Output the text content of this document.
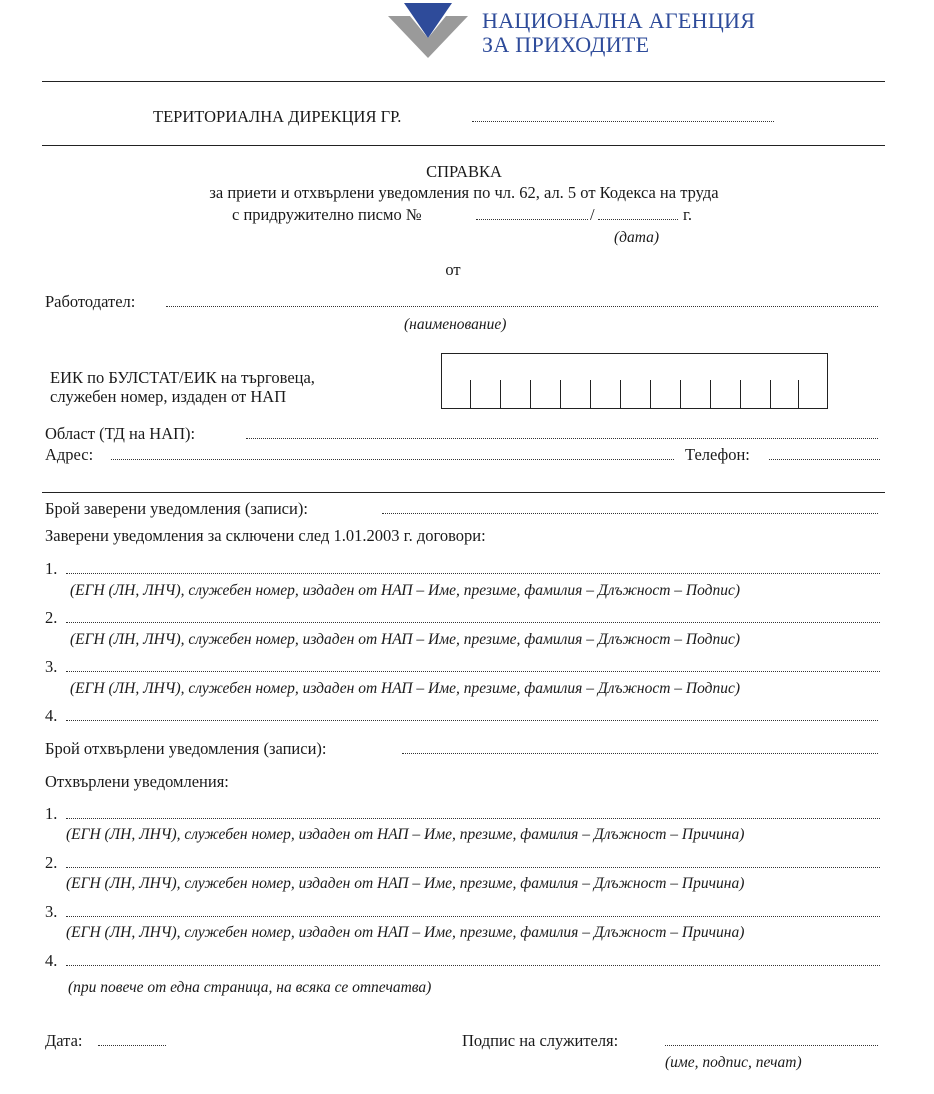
НАЦИОНАЛНА АГЕНЦИЯ
ЗА ПРИХОДИТЕ
ТЕРИТОРИАЛНА ДИРЕКЦИЯ ГР.
СПРАВКА
за приети и отхвърлени уведомления по чл. 62, ал. 5 от Кодекса на труда
с придружително писмо №	/	г.
(дата)
от
Работодател:
(наименование)
ЕИК по БУЛСТАТ/ЕИК на търговеца,
служебен номер, издаден от НАП
Област (ТД на НАП):
Адрес:	Телефон:
Брой заверени уведомления (записи):
Заверени уведомления за сключени след 1.01.2003 г. договори:
1.
(ЕГН (ЛН, ЛНЧ), служебен номер, издаден от НАП – Име, презиме, фамилия – Длъжност – Подпис)
2.
(ЕГН (ЛН, ЛНЧ), служебен номер, издаден от НАП – Име, презиме, фамилия – Длъжност – Подпис)
3.
(ЕГН (ЛН, ЛНЧ), служебен номер, издаден от НАП – Име, презиме, фамилия – Длъжност – Подпис)
4.
Брой отхвърлени уведомления (записи):
Отхвърлени уведомления:
1.
(ЕГН (ЛН, ЛНЧ), служебен номер, издаден от НАП – Име, презиме, фамилия – Длъжност – Причина)
2.
(ЕГН (ЛН, ЛНЧ), служебен номер, издаден от НАП – Име, презиме, фамилия – Длъжност – Причина)
3.
(ЕГН (ЛН, ЛНЧ), служебен номер, издаден от НАП – Име, презиме, фамилия – Длъжност – Причина)
4.
(при повече от една страница, на всяка се отпечатва)
Дата:	Подпис на служителя:
(име, подпис, печат)
